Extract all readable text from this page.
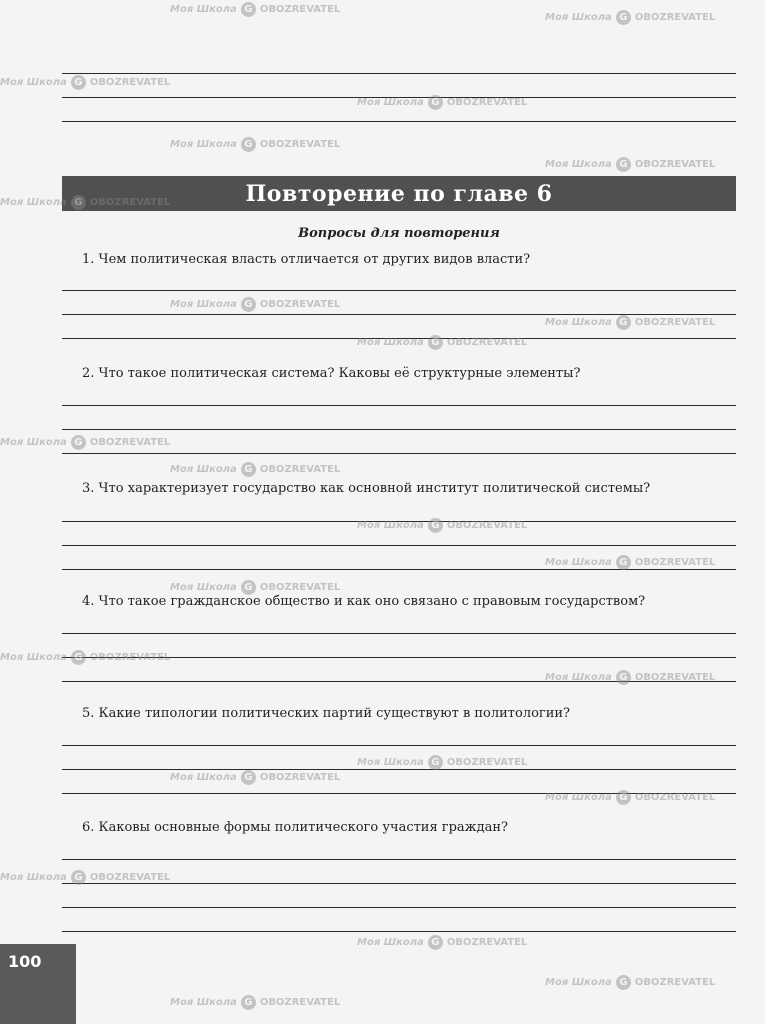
Повторение по главе 6
Вопросы для повторения
1. Чем политическая власть отличается от других видов власти?
2. Что такое политическая система? Каковы её структурные элементы?
3. Что характеризует государство как основной институт политической системы?
4. Что такое гражданское общество и как оно связано с правовым государством?
5. Какие типологии политических партий существуют в политологии?
6. Каковы основные формы политического участия граждан?
100
Моя Школа G OBOZREVATEL
Моя Школа G OBOZREVATEL
Моя Школа G OBOZREVATEL
Моя Школа G OBOZREVATEL
Моя Школа G OBOZREVATEL
Моя Школа G OBOZREVATEL
Моя Школа G OBOZREVATEL
Моя Школа G OBOZREVATEL
Моя Школа G OBOZREVATEL
Моя Школа G OBOZREVATEL
Моя Школа G OBOZREVATEL
Моя Школа G OBOZREVATEL
Моя Школа G OBOZREVATEL
Моя Школа G OBOZREVATEL
Моя Школа G OBOZREVATEL
Моя Школа G OBOZREVATEL
Моя Школа G OBOZREVATEL
Моя Школа G OBOZREVATEL
Моя Школа G OBOZREVATEL
Моя Школа G OBOZREVATEL
Моя Школа G OBOZREVATEL
Моя Школа G OBOZREVATEL
Моя Школа G OBOZREVATEL
Моя Школа G OBOZREVATEL
